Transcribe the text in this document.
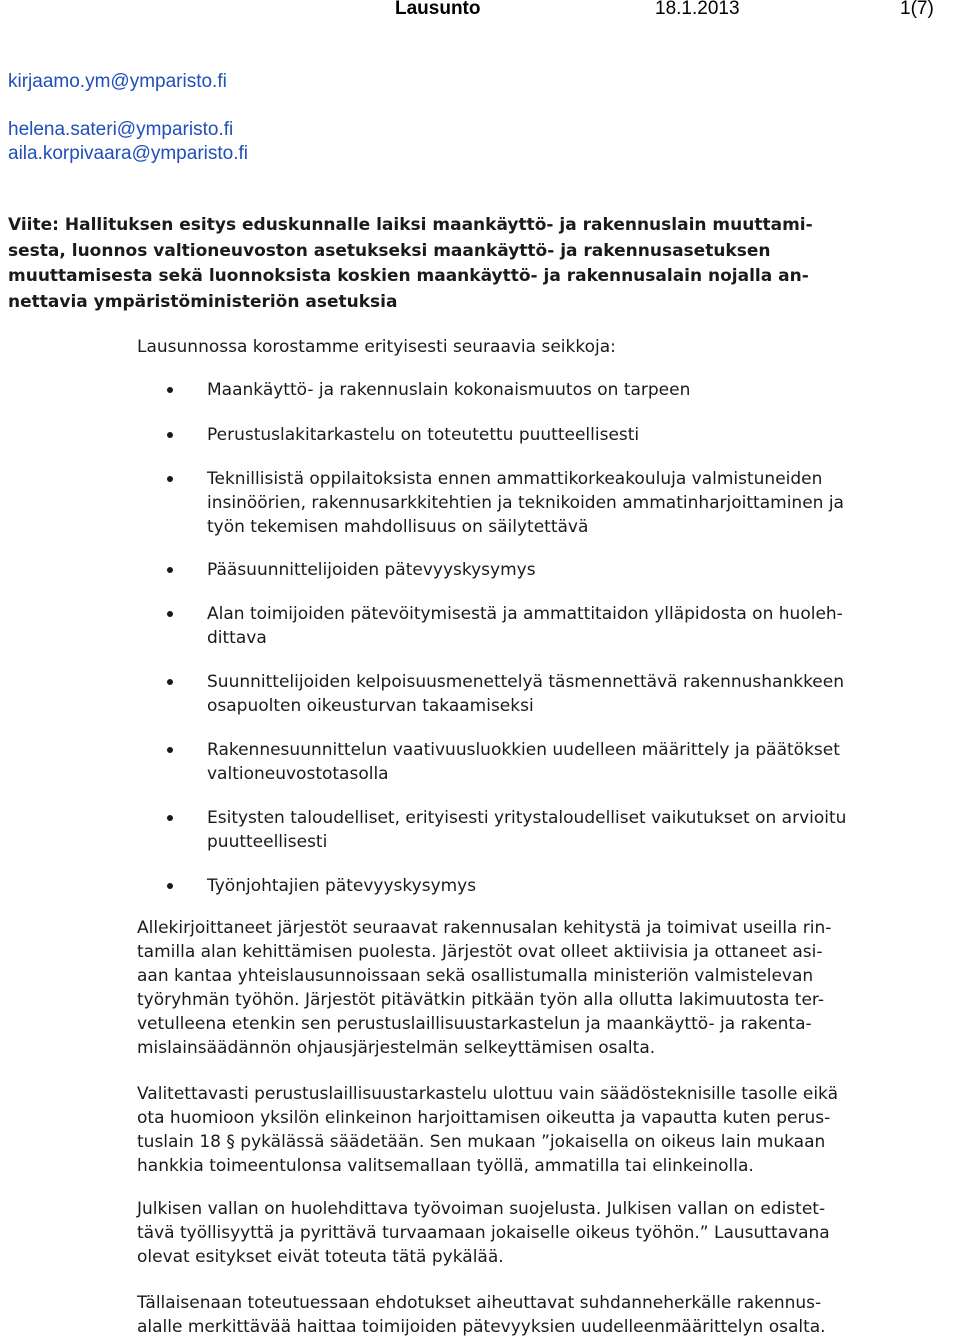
Lausunto	18.1.2013	1(7)
kirjaamo.ym@ymparisto.fi
helena.sateri@ymparisto.fi
aila.korpivaara@ymparisto.fi
Viite: Hallituksen esitys eduskunnalle laiksi maankäyttö- ja rakennuslain muuttami-
sesta, luonnos valtioneuvoston asetukseksi maankäyttö- ja rakennusasetuksen
muuttamisesta sekä luonnoksista koskien maankäyttö- ja rakennusalain nojalla an-
nettavia ympäristöministeriön asetuksia
Lausunnossa korostamme erityisesti seuraavia seikkoja:
Maankäyttö- ja rakennuslain kokonaismuutos on tarpeen
Perustuslakitarkastelu on toteutettu puutteellisesti
Teknillisistä oppilaitoksista ennen ammattikorkeakouluja valmistuneiden
insinöörien, rakennusarkkitehtien ja teknikoiden ammatinharjoittaminen ja
työn tekemisen mahdollisuus on säilytettävä
Pääsuunnittelijoiden pätevyyskysymys
Alan toimijoiden pätevöitymisestä ja ammattitaidon ylläpidosta on huoleh-
dittava
Suunnittelijoiden kelpoisuusmenettelyä täsmennettävä rakennushankkeen
osapuolten oikeusturvan takaamiseksi
Rakennesuunnittelun vaativuusluokkien uudelleen määrittely ja päätökset
valtioneuvostotasolla
Esitysten taloudelliset, erityisesti yritystaloudelliset vaikutukset on arvioitu
puutteellisesti
Työnjohtajien pätevyyskysymys
Allekirjoittaneet järjestöt seuraavat rakennusalan kehitystä ja toimivat useilla rin-
tamilla alan kehittämisen puolesta. Järjestöt ovat olleet aktiivisia ja ottaneet asi-
aan kantaa yhteislausunnoissaan sekä osallistumalla ministeriön valmistelevan
työryhmän työhön. Järjestöt pitävätkin pitkään työn alla ollutta lakimuutosta ter-
vetulleena etenkin sen perustuslaillisuustarkastelun ja maankäyttö- ja rakenta-
mislainsäädännön ohjausjärjestelmän selkeyttämisen osalta.
Valitettavasti perustuslaillisuustarkastelu ulottuu vain säädösteknisille tasolle eikä
ota huomioon yksilön elinkeinon harjoittamisen oikeutta ja vapautta kuten perus-
tuslain 18 § pykälässä säädetään. Sen mukaan ”jokaisella on oikeus lain mukaan
hankkia toimeentulonsa valitsemallaan työllä, ammatilla tai elinkeinolla.
Julkisen vallan on huolehdittava työvoiman suojelusta. Julkisen vallan on edistet-
tävä työllisyyttä ja pyrittävä turvaamaan jokaiselle oikeus työhön.” Lausuttavana
olevat esitykset eivät toteuta tätä pykälää.
Tällaisenaan toteutuessaan ehdotukset aiheuttavat suhdanneherkälle rakennus-
alalle merkittävää haittaa toimijoiden pätevyyksien uudelleenmäärittelyn osalta.
